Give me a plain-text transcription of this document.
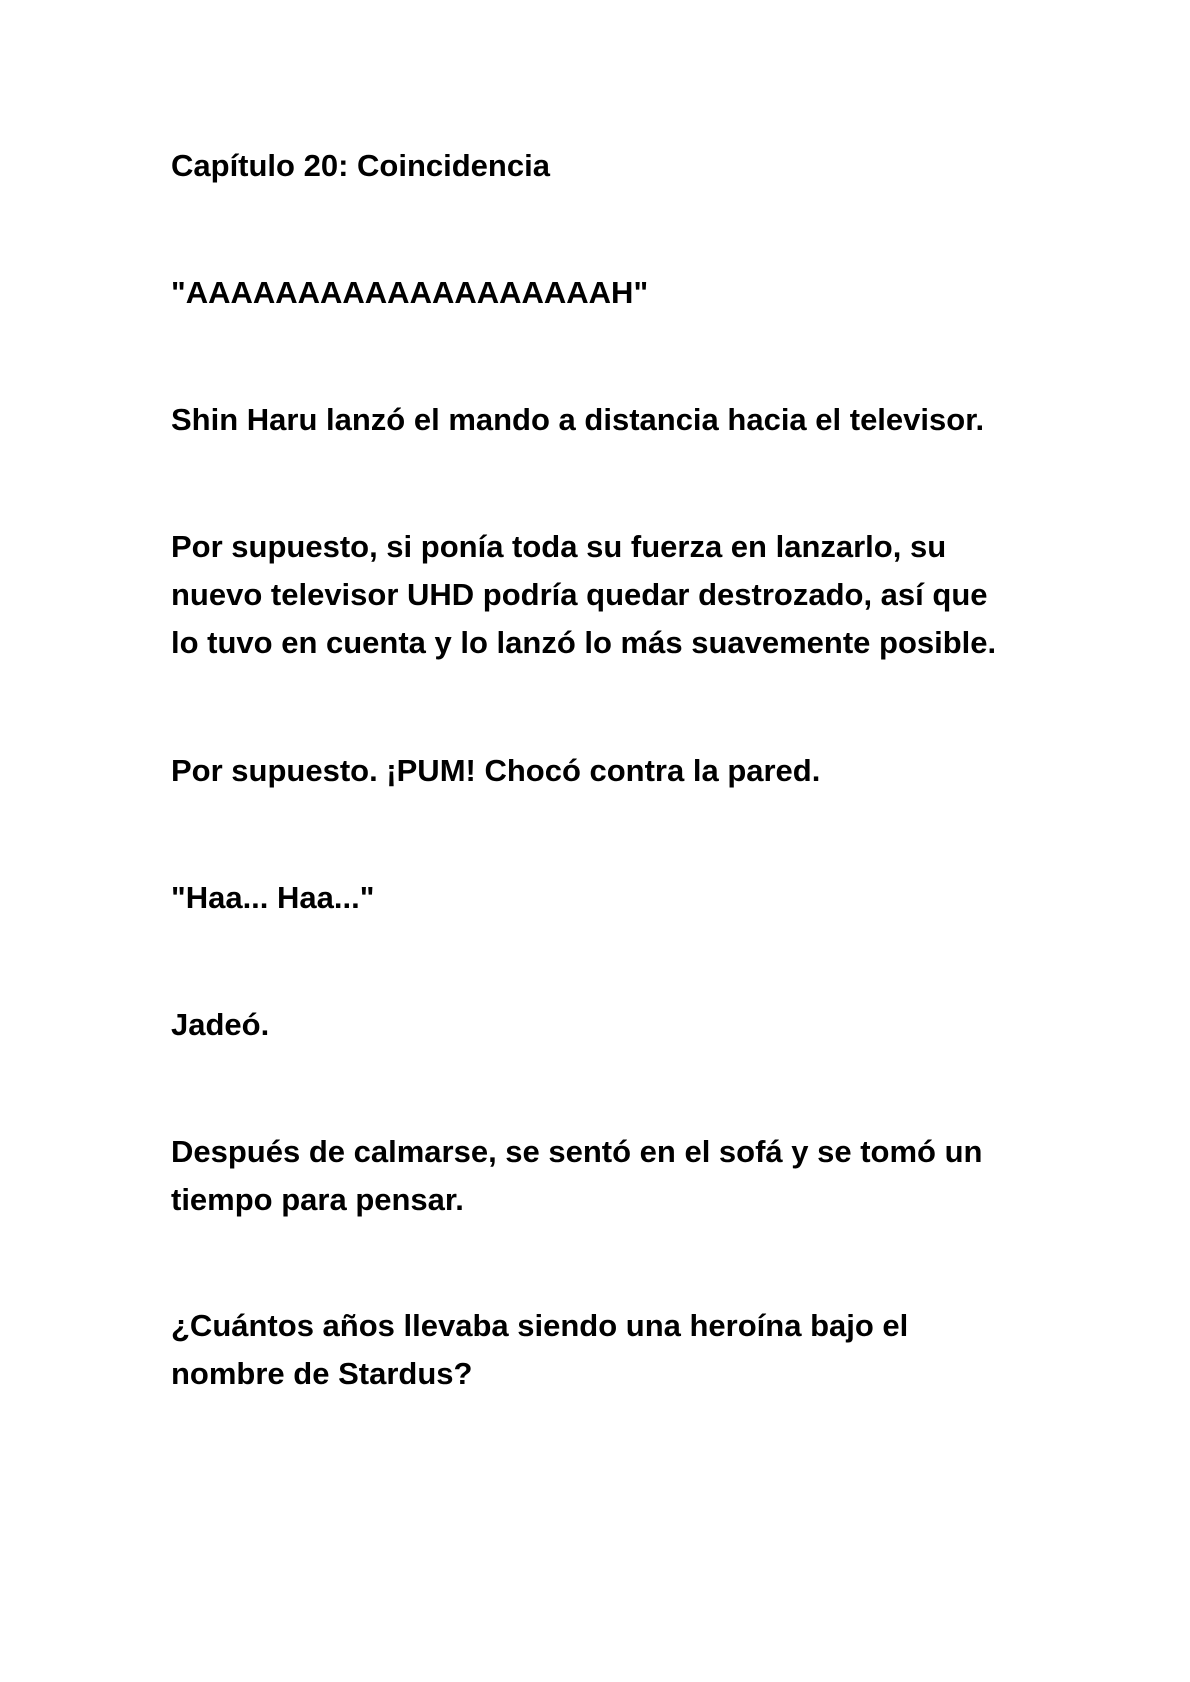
Capítulo 20: Coincidencia

"AAAAAAAAAAAAAAAAAAAH"

Shin Haru lanzó el mando a distancia hacia el televisor.

Por supuesto, si ponía toda su fuerza en lanzarlo, su
nuevo televisor UHD podría quedar destrozado, así que
lo tuvo en cuenta y lo lanzó lo más suavemente posible.

Por supuesto. ¡PUM! Chocó contra la pared.

"Haa... Haa..."

Jadeó.

Después de calmarse, se sentó en el sofá y se tomó un
tiempo para pensar.

¿Cuántos años llevaba siendo una heroína bajo el
nombre de Stardus?
